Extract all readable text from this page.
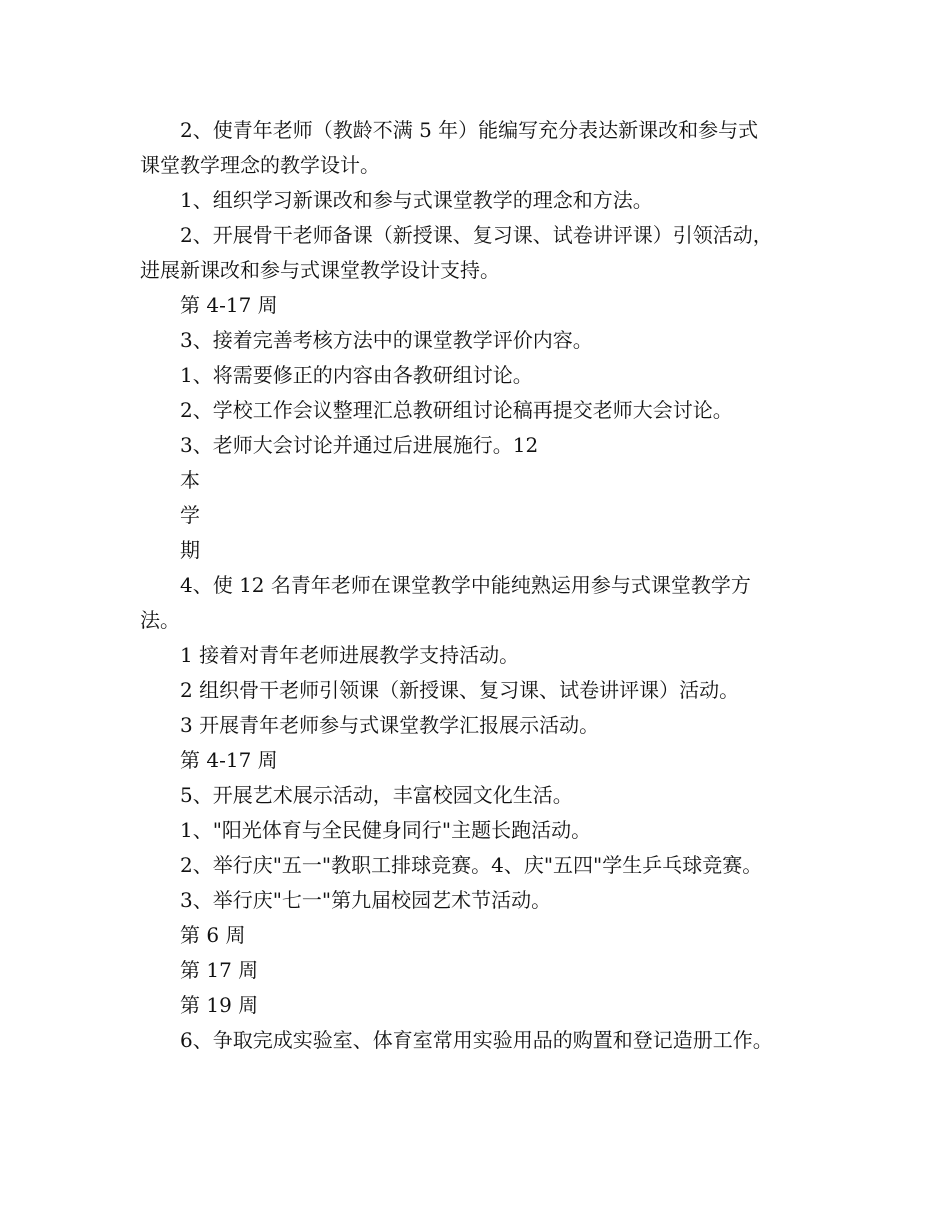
2、使青年老师（教龄不满 5 年）能编写充分表达新课改和参与式

课堂教学理念的教学设计。

1、组织学习新课改和参与式课堂教学的理念和方法。

2、开展骨干老师备课（新授课、复习课、试卷讲评课）引领活动，

进展新课改和参与式课堂教学设计支持。

第 4-17 周

3、接着完善考核方法中的课堂教学评价内容。

1、将需要修正的内容由各教研组讨论。

2、学校工作会议整理汇总教研组讨论稿再提交老师大会讨论。

3、老师大会讨论并通过后进展施行。12

本

学

期

4、使 12 名青年老师在课堂教学中能纯熟运用参与式课堂教学方

法。

1 接着对青年老师进展教学支持活动。

2 组织骨干老师引领课（新授课、复习课、试卷讲评课）活动。

3 开展青年老师参与式课堂教学汇报展示活动。

第 4-17 周

5、开展艺术展示活动，丰富校园文化生活。

1、"阳光体育与全民健身同行"主题长跑活动。

2、举行庆"五一"教职工排球竞赛。4、庆"五四"学生乒乓球竞赛。

3、举行庆"七一"第九届校园艺术节活动。

第 6 周

第 17 周

第 19 周

6、争取完成实验室、体育室常用实验用品的购置和登记造册工作。
